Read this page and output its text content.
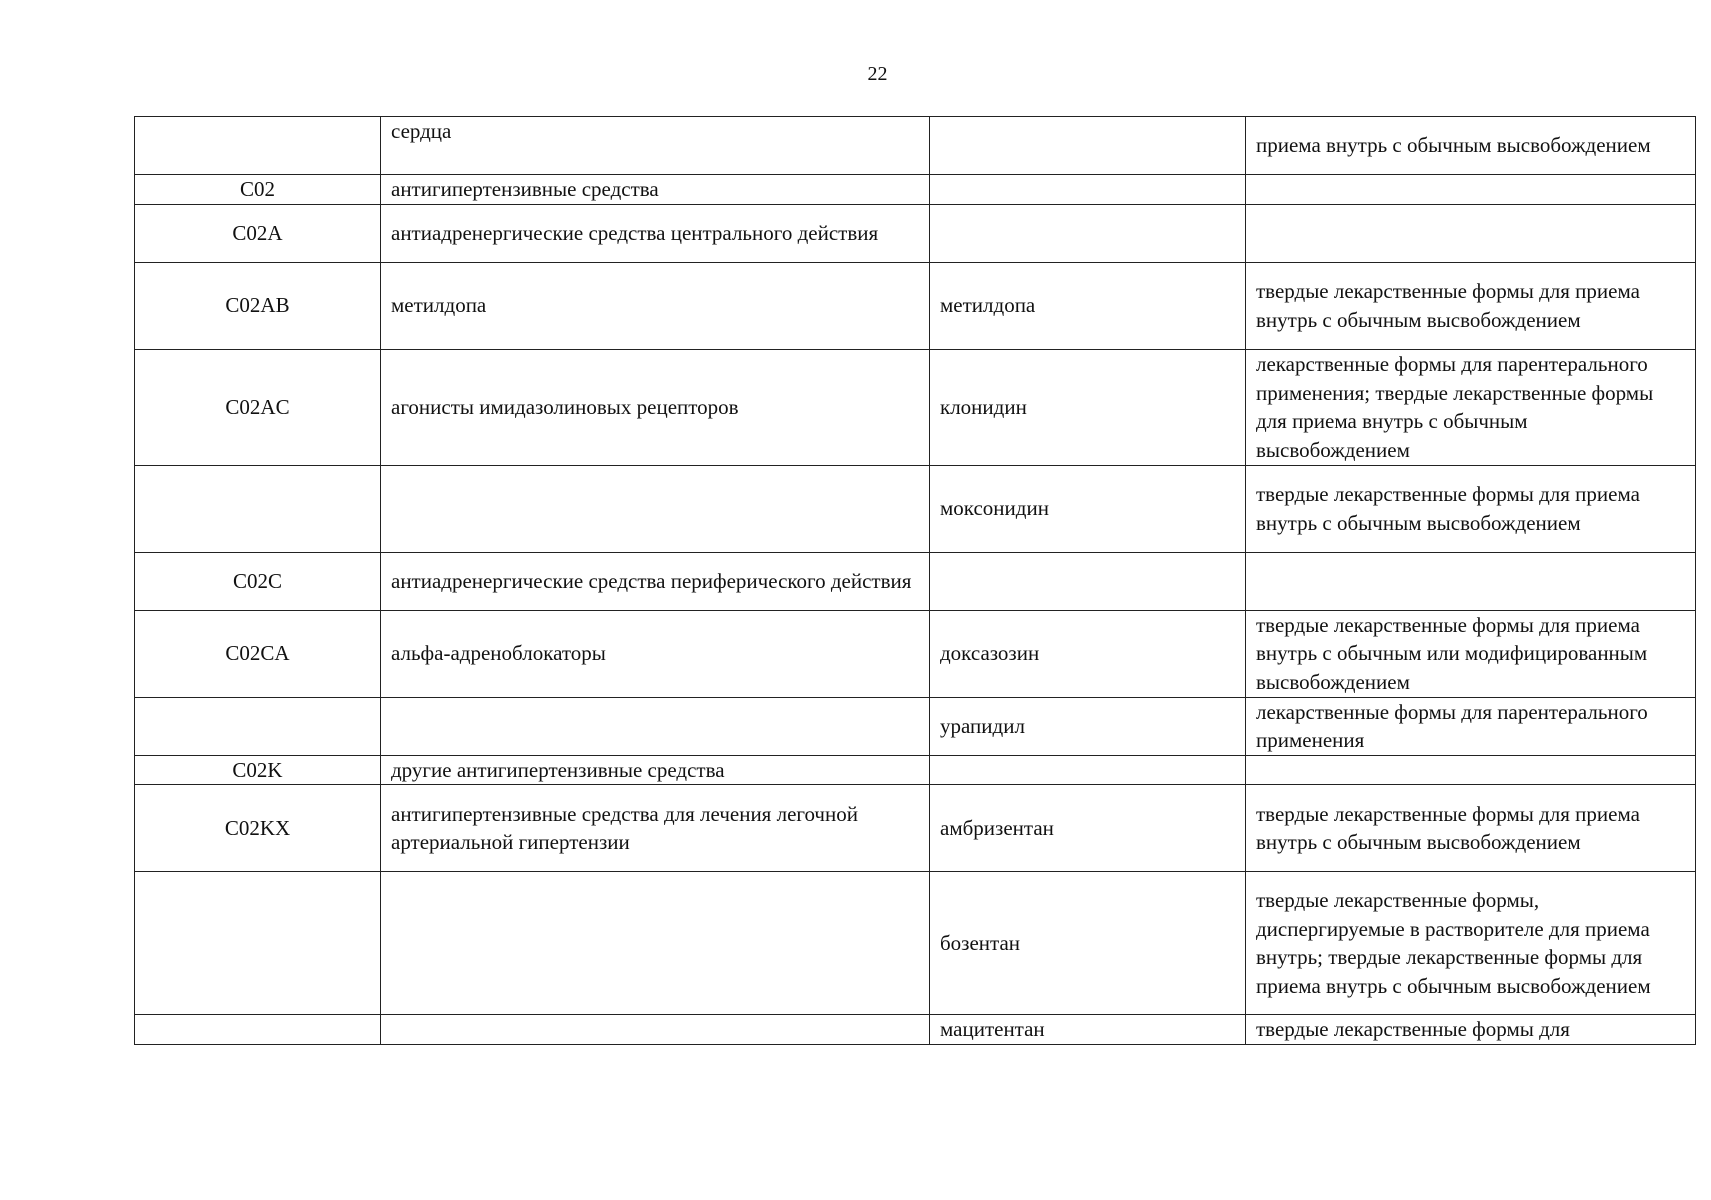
22
	сердца		приема внутрь с обычным высвобождением
C02	антигипертензивные средства		
C02A	антиадренергические средства центрального действия		
C02AB	метилдопа	метилдопа	твердые лекарственные формы для приема внутрь с обычным высвобождением
C02AC	агонисты имидазолиновых рецепторов	клонидин	лекарственные формы для парентерального применения; твердые лекарственные формы для приема внутрь с обычным высвобождением
		моксонидин	твердые лекарственные формы для приема внутрь с обычным высвобождением
C02C	антиадренергические средства периферического действия		
C02CA	альфа-адреноблокаторы	доксазозин	твердые лекарственные формы для приема внутрь с обычным или модифицированным высвобождением
		урапидил	лекарственные формы для парентерального применения
C02K	другие антигипертензивные средства		
C02KX	антигипертензивные средства для лечения легочной артериальной гипертензии	амбризентан	твердые лекарственные формы для приема внутрь с обычным высвобождением
		бозентан	твердые лекарственные формы, диспергируемые в растворителе для приема внутрь; твердые лекарственные формы для приема внутрь с обычным высвобождением
		мацитентан	твердые лекарственные формы для
